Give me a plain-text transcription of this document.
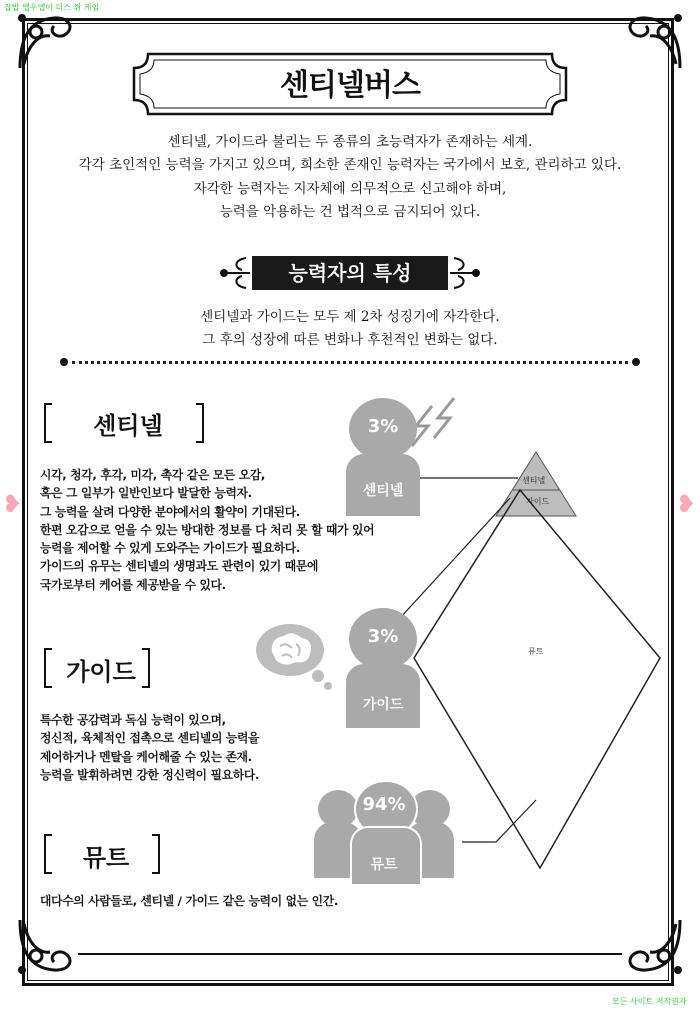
잡밥 앱우앱이 더스 쥐 게임
모든 사이트 저작권자
센티넬버스
센티넬, 가이드라 불리는 두 종류의 초능력자가 존재하는 세계.
각각 초인적인 능력을 가지고 있으며, 희소한 존재인 능력자는 국가에서 보호, 관리하고 있다.
자각한 능력자는 지자체에 의무적으로 신고해야 하며,
능력을 악용하는 건 법적으로 금지되어 있다.
능력자의 특성
센티넬과 가이드는 모두 제 2차 성징기에 자각한다.
그 후의 성장에 따른 변화나 후천적인 변화는 없다.
❥	❥
센티넬
시각, 청각, 후각, 미각, 촉각 같은 모든 오감,
혹은 그 일부가 일반인보다 발달한 능력자.
그 능력을 살려 다양한 분야에서의 활약이 기대된다.
한편 오감으로 얻을 수 있는 방대한 정보를 다 처리 못 할 때가 있어
능력을 제어할 수 있게 도와주는 가이드가 필요하다.
가이드의 유무는 센티넬의 생명과도 관련이 있기 때문에
국가로부터 케어를 제공받을 수 있다.
가이드
특수한 공감력과 독심 능력이 있으며,
정신적, 육체적인 접촉으로 센티넬의 능력을
제어하거나 멘탈을 케어해줄 수 있는 존재.
능력을 발휘하려면 강한 정신력이 필요하다.
뮤트
대다수의 사람들로, 센티넬 / 가이드 같은 능력이 없는 인간.
센티넬
가이드
뮤트
3%
센티넬
3%
가이드
94%
뮤트
